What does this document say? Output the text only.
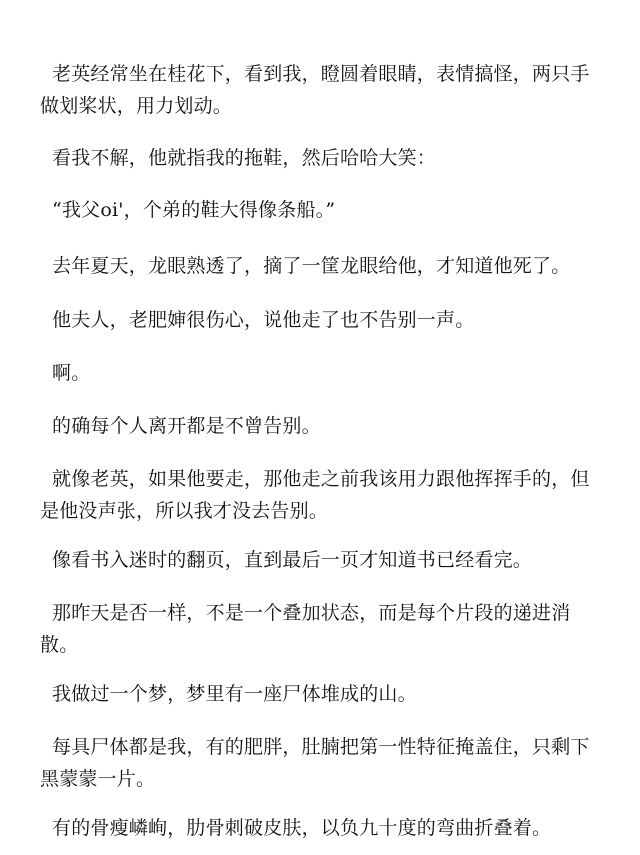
老英经常坐在桂花下，看到我，瞪圆着眼睛，表情搞怪，两只手做划桨状，用力划动。

看我不解，他就指我的拖鞋，然后哈哈大笑：

“我父oi'，个弟的鞋大得像条船。”

去年夏天，龙眼熟透了，摘了一筐龙眼给他，才知道他死了。

他夫人，老肥婶很伤心，说他走了也不告别一声。

啊。

的确每个人离开都是不曾告别。

就像老英，如果他要走，那他走之前我该用力跟他挥挥手的，但是他没声张，所以我才没去告别。

像看书入迷时的翻页，直到最后一页才知道书已经看完。

那昨天是否一样，不是一个叠加状态，而是每个片段的递进消散。

我做过一个梦，梦里有一座尸体堆成的山。

每具尸体都是我，有的肥胖，肚腩把第一性特征掩盖住，只剩下黑蒙蒙一片。

有的骨瘦嶙峋，肋骨刺破皮肤，以负九十度的弯曲折叠着。
